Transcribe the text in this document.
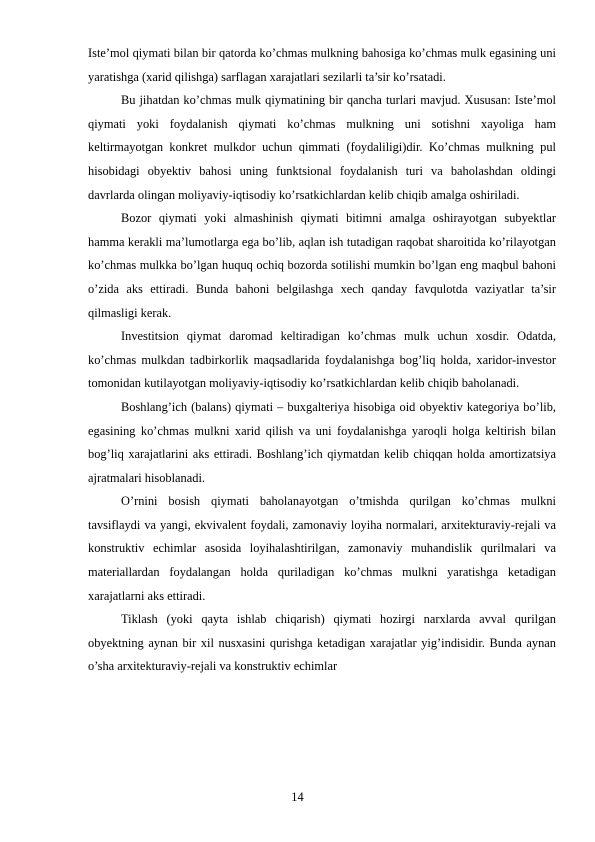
Iste’mol qiymati bilan bir qatorda ko’chmas mulkning bahosiga ko’chmas mulk egasining uni yaratishga (xarid qilishga) sarflagan xarajatlari sezilarli ta’sir ko’rsatadi.

Bu jihatdan ko’chmas mulk qiymatining bir qancha turlari mavjud. Xususan: Iste’mol qiymati yoki foydalanish qiymati ko’chmas mulkning uni sotishni xayoliga ham keltirmayotgan konkret mulkdor uchun qimmati (foydaliligi)dir. Ko’chmas mulkning pul hisobidagi obyektiv bahosi uning funktsional foydalanish turi va baholashdan oldingi davrlarda olingan moliyaviy-iqtisodiy ko’rsatkichlardan kelib chiqib amalga oshiriladi.

Bozor qiymati yoki almashinish qiymati bitimni amalga oshirayotgan subyektlar hamma kerakli ma’lumotlarga ega bo’lib, aqlan ish tutadigan raqobat sharoitida ko’rilayotgan ko’chmas mulkka bo’lgan huquq ochiq bozorda sotilishi mumkin bo’lgan eng maqbul bahoni o’zida aks ettiradi. Bunda bahoni belgilashga xech qanday favqulotda vaziyatlar ta’sir qilmasligi kerak.

Investitsion qiymat daromad keltiradigan ko’chmas mulk uchun xosdir. Odatda, ko’chmas mulkdan tadbirkorlik maqsadlarida foydalanishga bog’liq holda, xaridor-investor tomonidan kutilayotgan moliyaviy-iqtisodiy ko’rsatkichlardan kelib chiqib baholanadi.

Boshlang’ich (balans) qiymati – buxgalteriya hisobiga oid obyektiv kategoriya bo’lib, egasining ko’chmas mulkni xarid qilish va uni foydalanishga yaroqli holga keltirish bilan bog’liq xarajatlarini aks ettiradi. Boshlang’ich qiymatdan kelib chiqqan holda amortizatsiya ajratmalari hisoblanadi.

O’rnini bosish qiymati baholanayotgan o’tmishda qurilgan ko’chmas mulkni tavsiflaydi va yangi, ekvivalent foydali, zamonaviy loyiha normalari, arxitekturaviy-rejali va konstruktiv echimlar asosida loyihalashtirilgan, zamonaviy muhandislik qurilmalari va materiallardan foydalangan holda quriladigan ko’chmas mulkni yaratishga ketadigan xarajatlarni aks ettiradi.

Tiklash (yoki qayta ishlab chiqarish) qiymati hozirgi narxlarda avval qurilgan obyektning aynan bir xil nusxasini qurishga ketadigan xarajatlar yig’indisidir. Bunda aynan o’sha arxitekturaviy-rejali va konstruktiv echimlar

14
